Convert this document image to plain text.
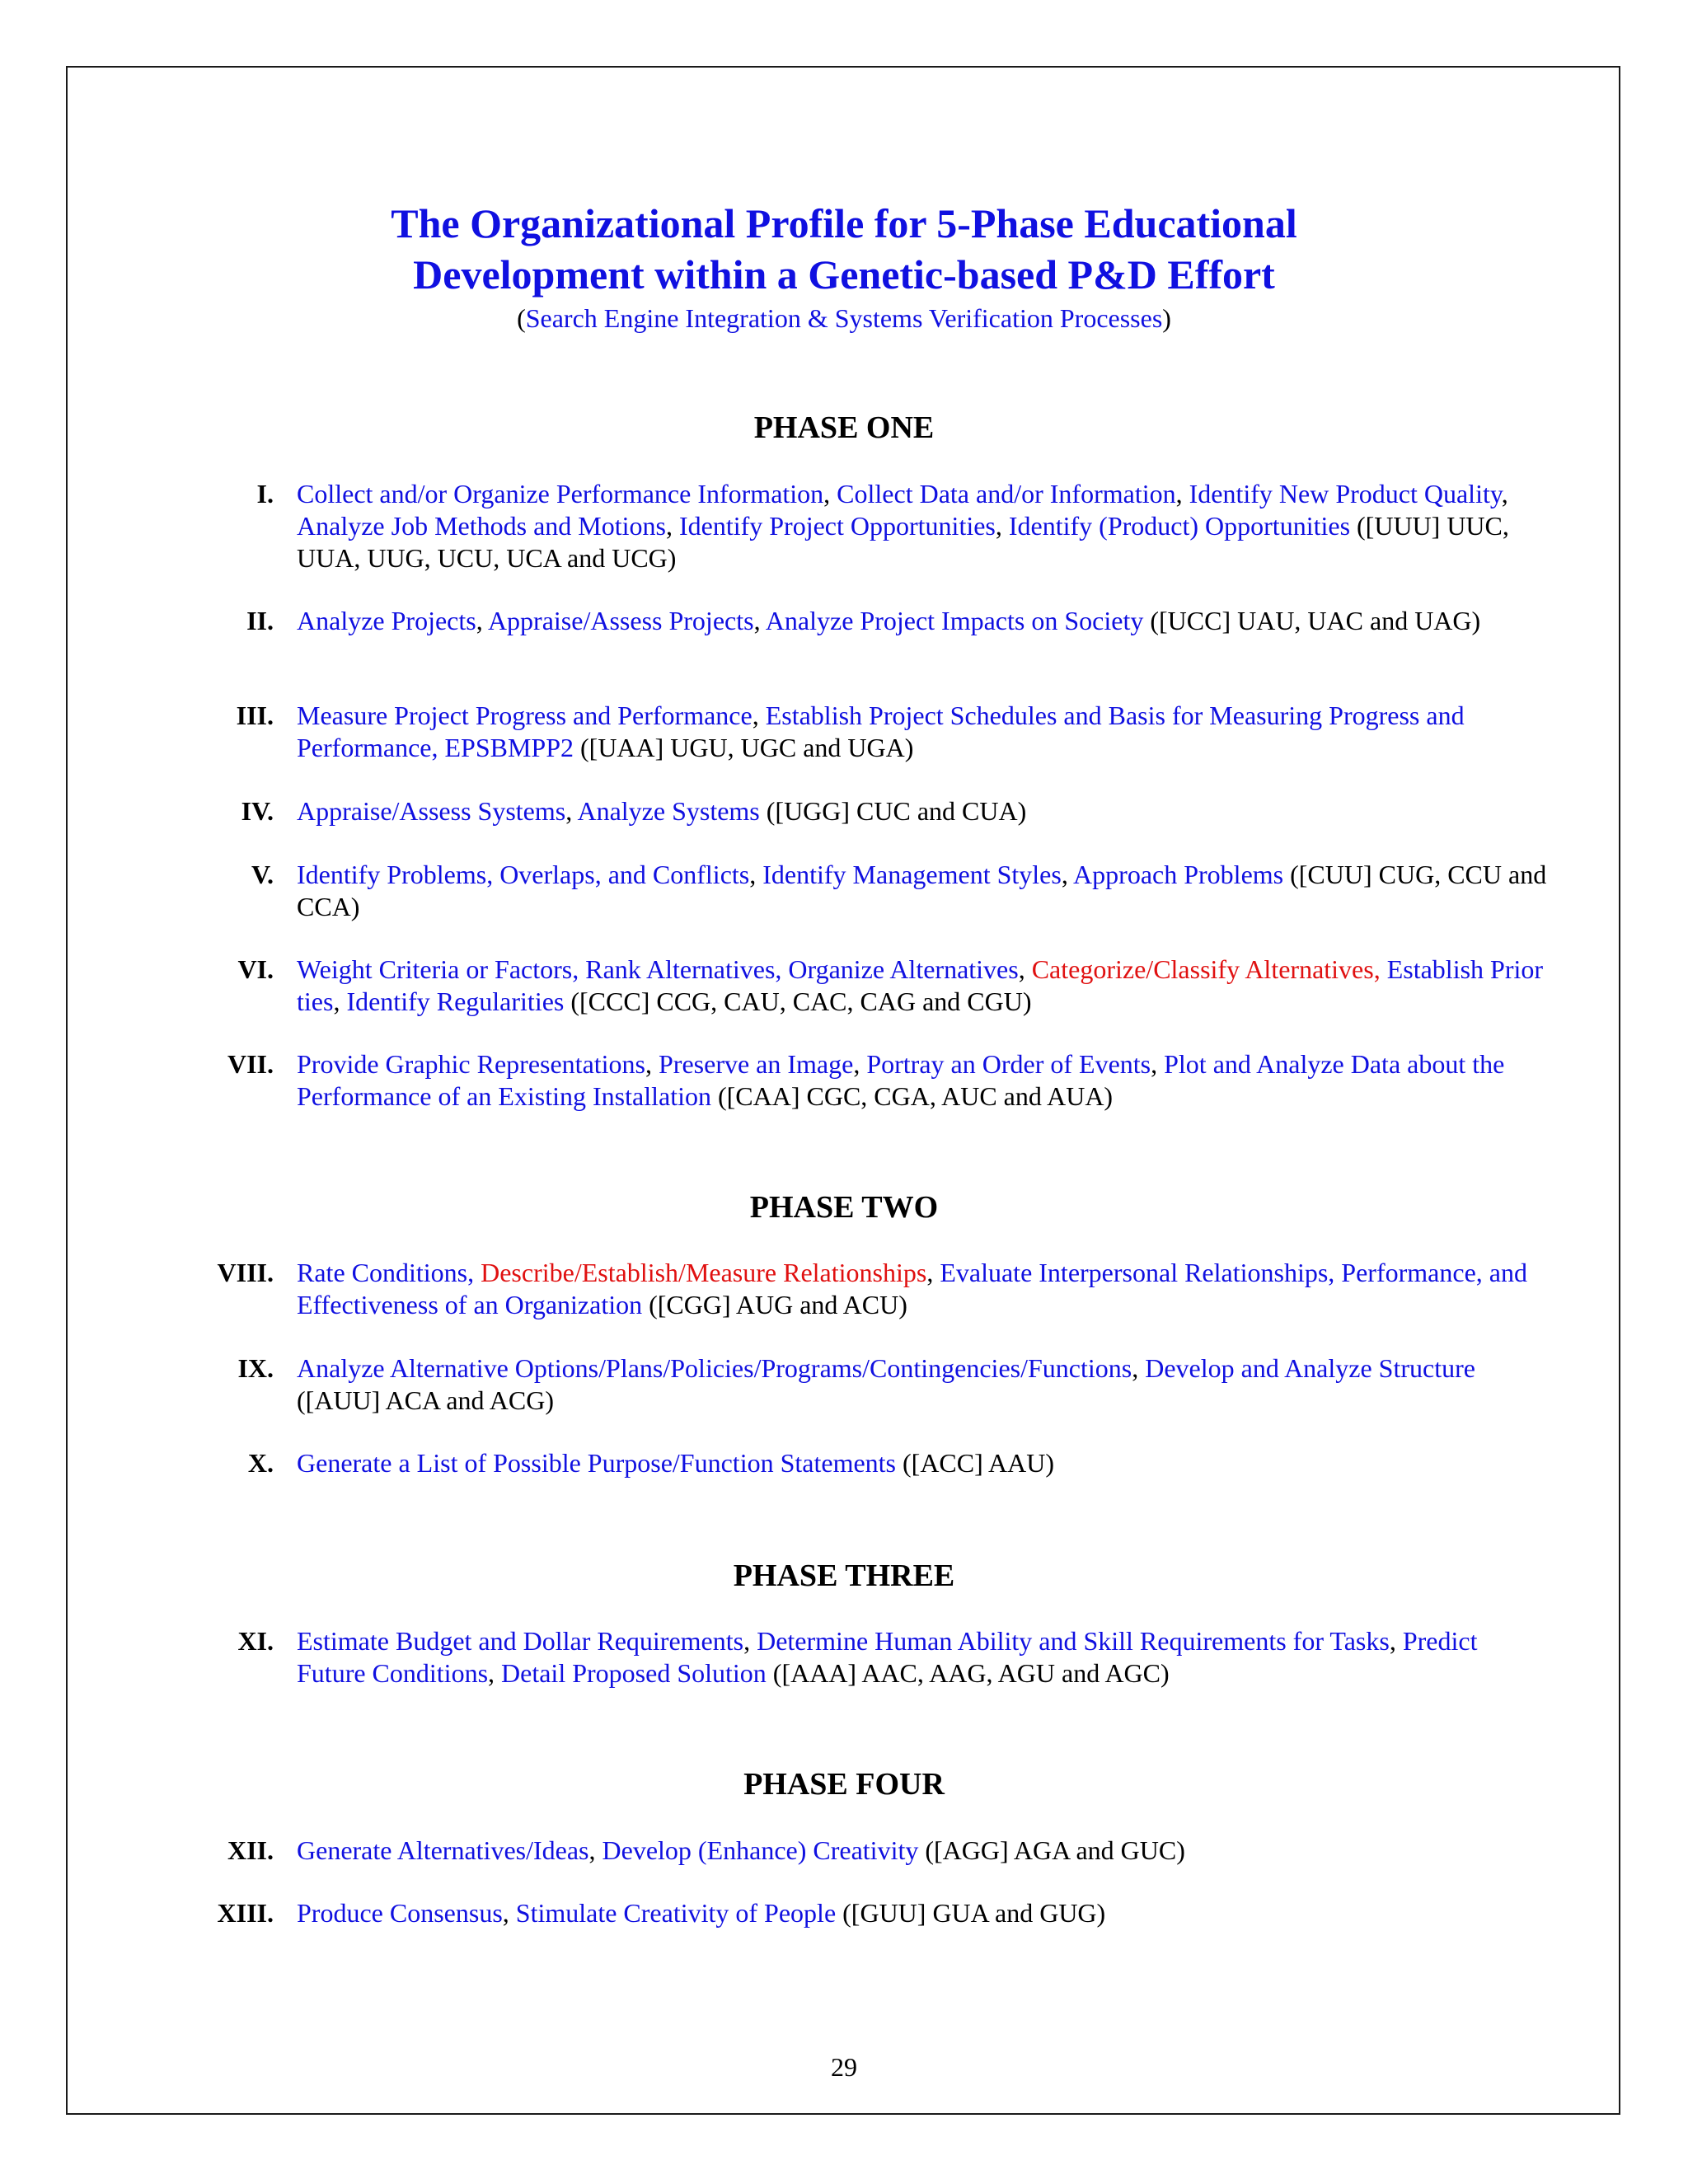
The Organizational Profile for 5-Phase Educational
Development within a Genetic-based P&D Effort
(Search Engine Integration & Systems Verification Processes)
PHASE ONE
I. Collect and/or Organize Performance Information, Collect Data and/or Information, Identify New Product Quality, Analyze Job Methods and Motions, Identify Project Opportunities, Identify (Product) Opportunities ([UUU] UUC, UUA, UUG, UCU, UCA and UCG)
II. Analyze Projects, Appraise/Assess Projects, Analyze Project Impacts on Society ([UCC] UAU, UAC and UAG)
III. Measure Project Progress and Performance, Establish Project Schedules and Basis for Measuring Progress and Performance, EPSBMPP2 ([UAA] UGU, UGC and UGA)
IV. Appraise/Assess Systems, Analyze Systems ([UGG] CUC and CUA)
V. Identify Problems, Overlaps, and Conflicts, Identify Management Styles, Approach Problems ([CUU] CUG, CCU and CCA)
VI. Weight Criteria or Factors, Rank Alternatives, Organize Alternatives, Categorize/Classify Alternatives, Establish Prior ties, Identify Regularities ([CCC] CCG, CAU, CAC, CAG and CGU)
VII. Provide Graphic Representations, Preserve an Image, Portray an Order of Events, Plot and Analyze Data about the Performance of an Existing Installation ([CAA] CGC, CGA, AUC and AUA)
PHASE TWO
VIII. Rate Conditions, Describe/Establish/Measure Relationships, Evaluate Interpersonal Relationships, Performance, and Effectiveness of an Organization ([CGG] AUG and ACU)
IX. Analyze Alternative Options/Plans/Policies/Programs/Contingencies/Functions, Develop and Analyze Structure ([AUU] ACA and ACG)
X. Generate a List of Possible Purpose/Function Statements ([ACC] AAU)
PHASE THREE
XI. Estimate Budget and Dollar Requirements, Determine Human Ability and Skill Requirements for Tasks, Predict Future Conditions, Detail Proposed Solution ([AAA] AAC, AAG, AGU and AGC)
PHASE FOUR
XII. Generate Alternatives/Ideas, Develop (Enhance) Creativity ([AGG] AGA and GUC)
XIII. Produce Consensus, Stimulate Creativity of People ([GUU] GUA and GUG)
29
